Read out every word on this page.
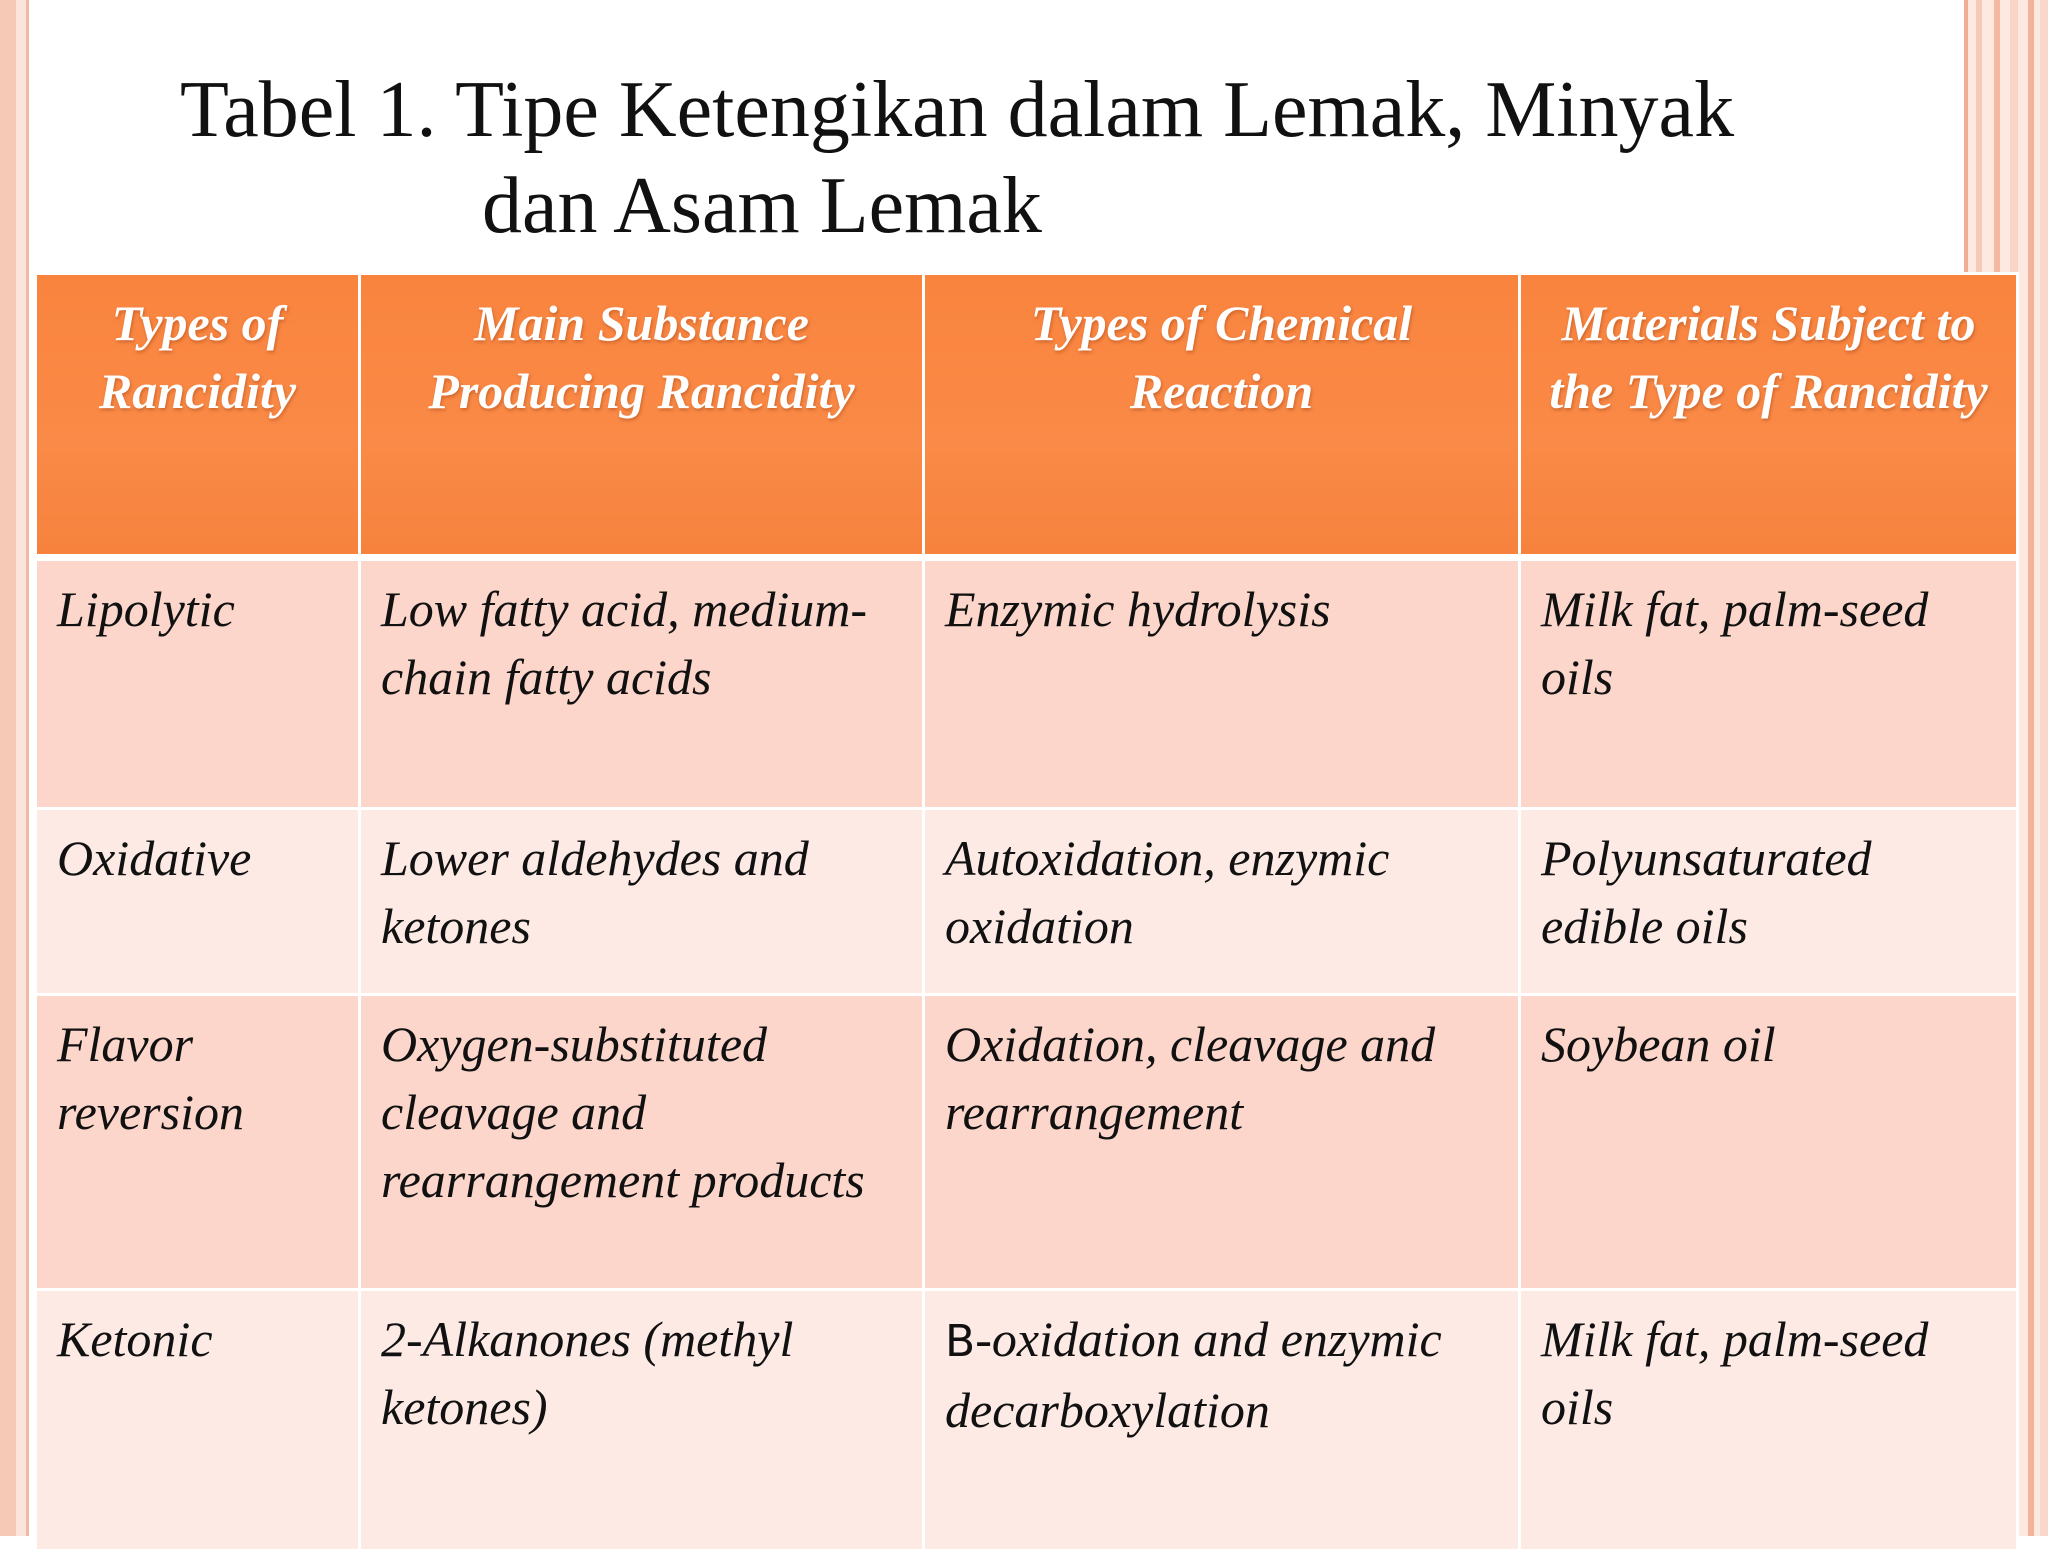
Tabel 1. Tipe Ketengikan dalam Lemak, Minyak
dan Asam Lemak
Types of Rancidity	Main Substance Producing Rancidity	Types of Chemical Reaction	Materials Subject to the Type of Rancidity
Lipolytic	Low fatty acid, medium-chain fatty acids	Enzymic hydrolysis	Milk fat, palm-seed oils
Oxidative	Lower aldehydes and ketones	Autoxidation, enzymic oxidation	Polyunsaturated edible oils
Flavor reversion	Oxygen-substituted cleavage and rearrangement products	Oxidation, cleavage and rearrangement	Soybean oil
Ketonic	2-Alkanones (methyl ketones)	B-oxidation and enzymic decarboxylation	Milk fat, palm-seed oils
